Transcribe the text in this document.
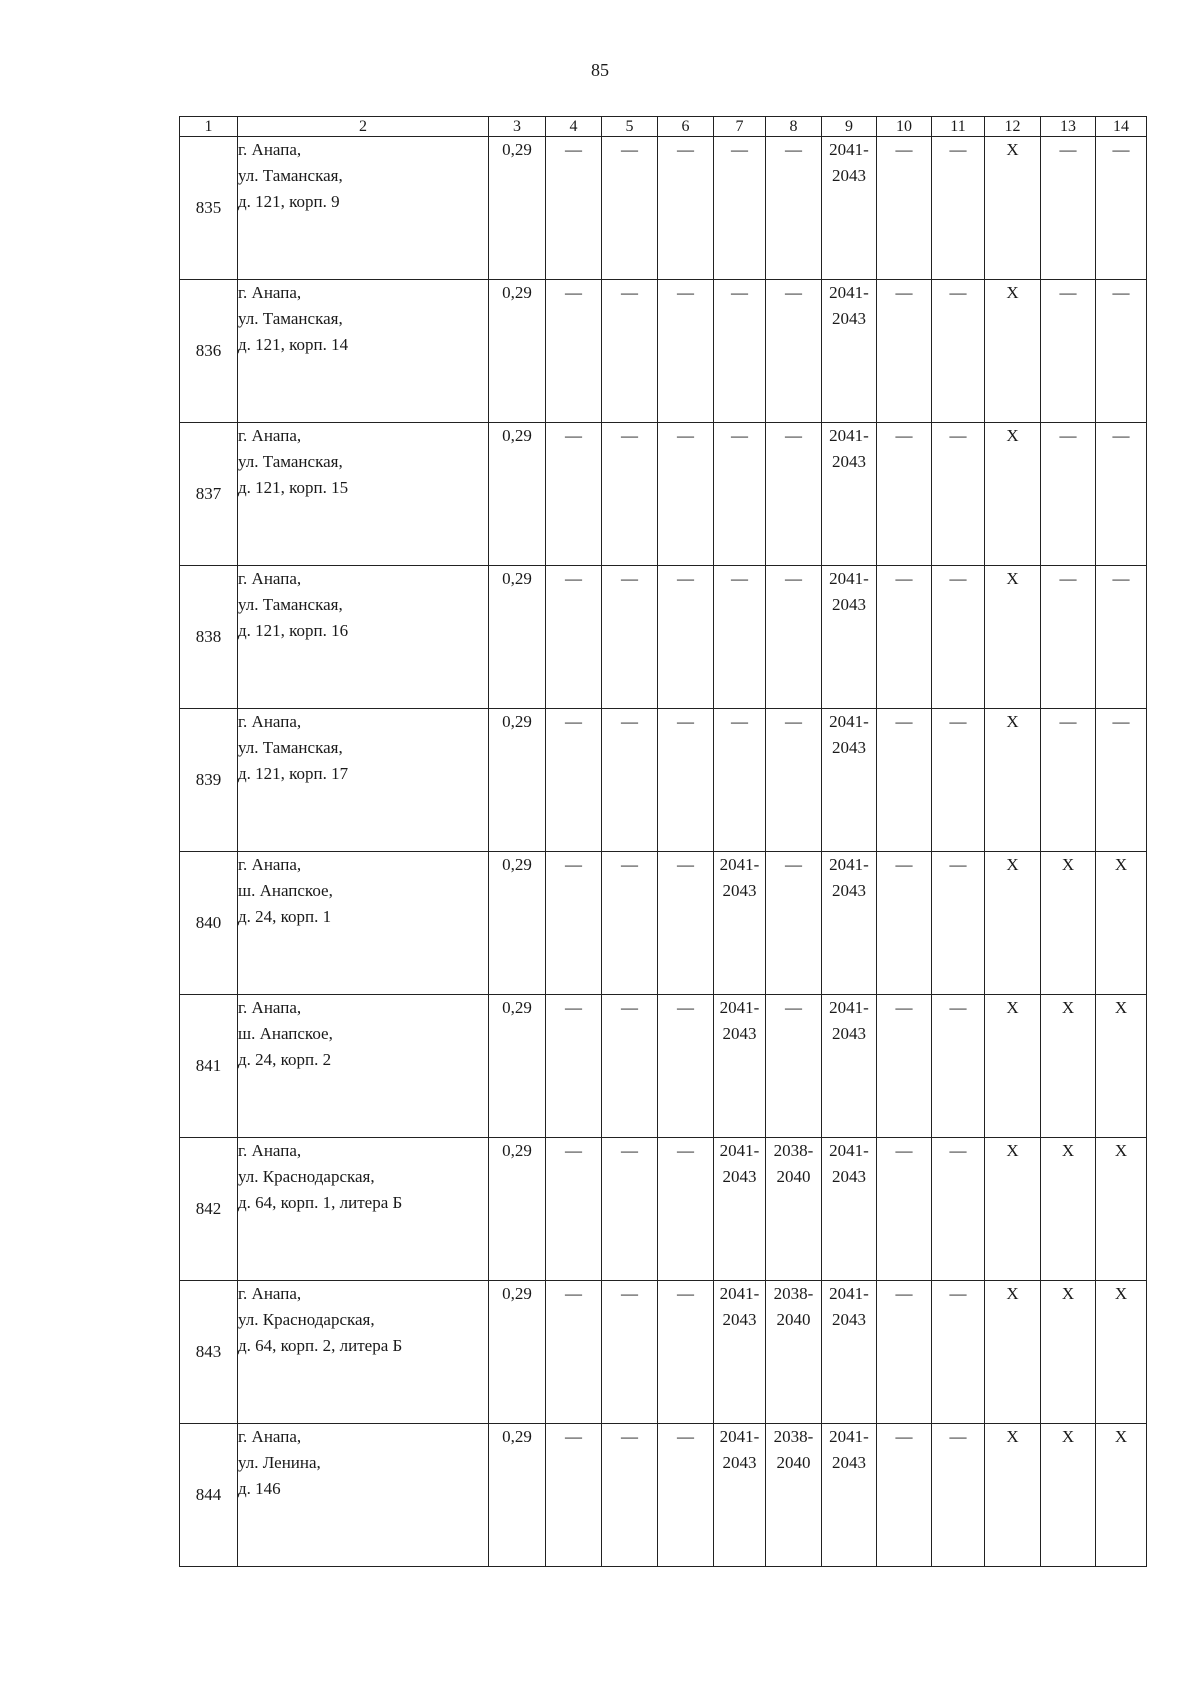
85
1	2	3	4	5	6	7	8	9	10	11	12	13	14
835	г. Анапа,
ул. Таманская,
д. 121, корп. 9	0,29	—	—	—	—	—	2041-
2043	—	—	Х	—	—

836	г. Анапа,
ул. Таманская,
д. 121, корп. 14	0,29	—	—	—	—	—	2041-
2043	—	—	Х	—	—

837	г. Анапа,
ул. Таманская,
д. 121, корп. 15	0,29	—	—	—	—	—	2041-
2043	—	—	Х	—	—

838	г. Анапа,
ул. Таманская,
д. 121, корп. 16	0,29	—	—	—	—	—	2041-
2043	—	—	Х	—	—

839	г. Анапа,
ул. Таманская,
д. 121, корп. 17	0,29	—	—	—	—	—	2041-
2043	—	—	Х	—	—

840	г. Анапа,
ш. Анапское,
д. 24, корп. 1	0,29	—	—	—	2041-
2043	—	2041-
2043	—	—	Х	Х	Х

841	г. Анапа,
ш. Анапское,
д. 24, корп. 2	0,29	—	—	—	2041-
2043	—	2041-
2043	—	—	Х	Х	Х

842	г. Анапа,
ул. Краснодарская,
д. 64, корп. 1, литера Б	0,29	—	—	—	2041-
2043	2038-
2040	2041-
2043	—	—	Х	Х	Х

843	г. Анапа,
ул. Краснодарская,
д. 64, корп. 2, литера Б	0,29	—	—	—	2041-
2043	2038-
2040	2041-
2043	—	—	Х	Х	Х

844	г. Анапа,
ул. Ленина,
д. 146	0,29	—	—	—	2041-
2043	2038-
2040	2041-
2043	—	—	Х	Х	Х
